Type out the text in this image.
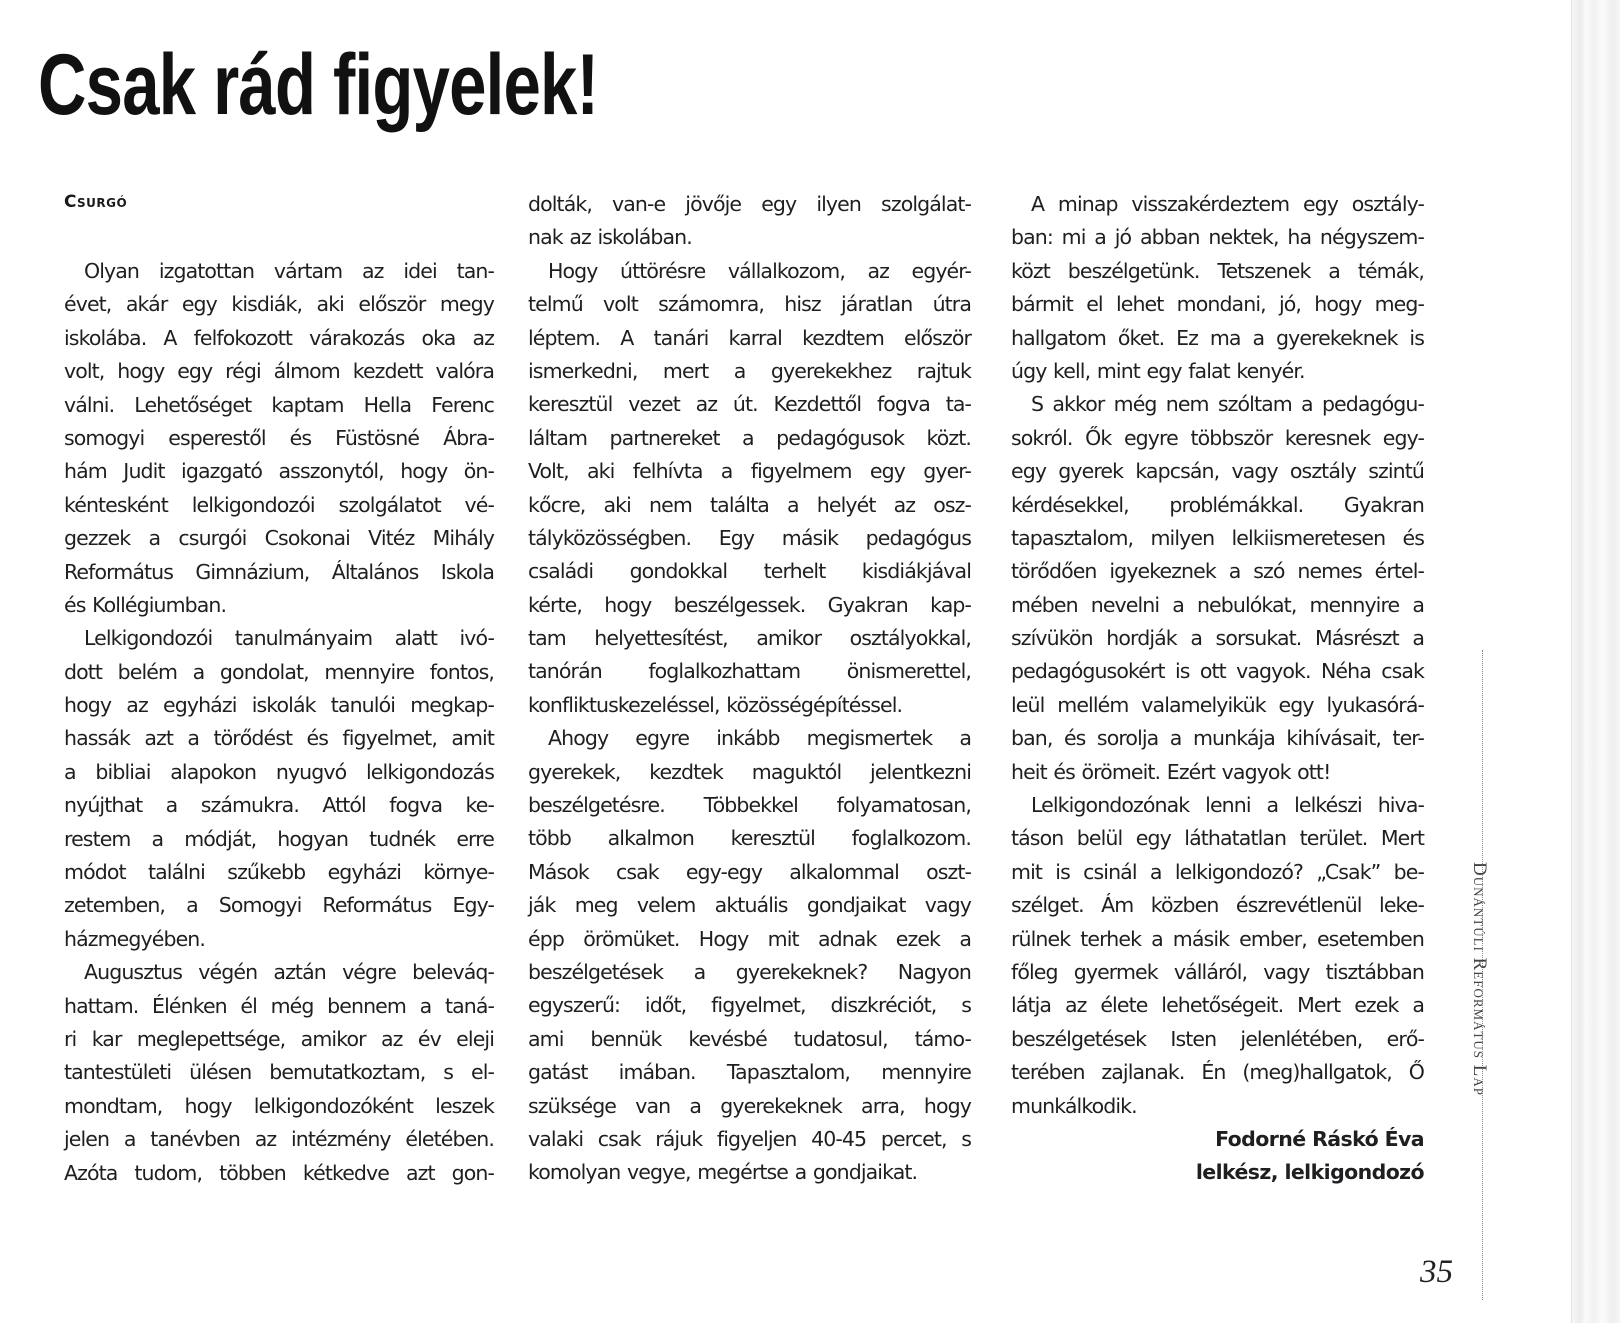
Csak rád figyelek!
Csurgó
Olyan izgatottan vártam az idei tan-
évet, akár egy kisdiák, aki először megy
iskolába. A felfokozott várakozás oka az
volt, hogy egy régi álmom kezdett valóra
válni. Lehetőséget kaptam Hella Ferenc
somogyi esperestől és Füstösné Ábra-
hám Judit igazgató asszonytól, hogy ön-
kéntesként lelkigondozói szolgálatot vé-
gezzek a csurgói Csokonai Vitéz Mihály
Református Gimnázium, Általános Iskola
és Kollégiumban.
Lelkigondozói tanulmányaim alatt ivó-
dott belém a gondolat, mennyire fontos,
hogy az egyházi iskolák tanulói megkap-
hassák azt a törődést és figyelmet, amit
a bibliai alapokon nyugvó lelkigondozás
nyújthat a számukra. Attól fogva ke-
restem a módját, hogyan tudnék erre
módot találni szűkebb egyházi környe-
zetemben, a Somogyi Református Egy-
házmegyében.
Augusztus végén aztán végre beleváq-
hattam. Élénken él még bennem a taná-
ri kar meglepettsége, amikor az év eleji
tantestületi ülésen bemutatkoztam, s el-
mondtam, hogy lelkigondozóként leszek
jelen a tanévben az intézmény életében.
Azóta tudom, többen kétkedve azt gon-
dolták, van-e jövője egy ilyen szolgálat-
nak az iskolában.
Hogy úttörésre vállalkozom, az egyér-
telmű volt számomra, hisz járatlan útra
léptem. A tanári karral kezdtem először
ismerkedni, mert a gyerekekhez rajtuk
keresztül vezet az út. Kezdettől fogva ta-
láltam partnereket a pedagógusok közt.
Volt, aki felhívta a figyelmem egy gyer-
kőcre, aki nem találta a helyét az osz-
tályközösségben. Egy másik pedagógus
családi gondokkal terhelt kisdiákjával
kérte, hogy beszélgessek. Gyakran kap-
tam helyettesítést, amikor osztályokkal,
tanórán foglalkozhattam önismerettel,
konfliktuskezeléssel, közösségépítéssel.
Ahogy egyre inkább megismertek a
gyerekek, kezdtek maguktól jelentkezni
beszélgetésre. Többekkel folyamatosan,
több alkalmon keresztül foglalkozom.
Mások csak egy-egy alkalommal oszt-
ják meg velem aktuális gondjaikat vagy
épp örömüket. Hogy mit adnak ezek a
beszélgetések a gyerekeknek? Nagyon
egyszerű: időt, figyelmet, diszkréciót, s
ami bennük kevésbé tudatosul, támo-
gatást imában. Tapasztalom, mennyire
szüksége van a gyerekeknek arra, hogy
valaki csak rájuk figyeljen 40-45 percet, s
komolyan vegye, megértse a gondjaikat.
A minap visszakérdeztem egy osztály-
ban: mi a jó abban nektek, ha négyszem-
közt beszélgetünk. Tetszenek a témák,
bármit el lehet mondani, jó, hogy meg-
hallgatom őket. Ez ma a gyerekeknek is
úgy kell, mint egy falat kenyér.
S akkor még nem szóltam a pedagógu-
sokról. Ők egyre többször keresnek egy-
egy gyerek kapcsán, vagy osztály szintű
kérdésekkel, problémákkal. Gyakran
tapasztalom, milyen lelkiismeretesen és
törődően igyekeznek a szó nemes értel-
mében nevelni a nebulókat, mennyire a
szívükön hordják a sorsukat. Másrészt a
pedagógusokért is ott vagyok. Néha csak
leül mellém valamelyikük egy lyukasórá-
ban, és sorolja a munkája kihívásait, ter-
heit és örömeit. Ezért vagyok ott!
Lelkigondozónak lenni a lelkészi hiva-
táson belül egy láthatatlan terület. Mert
mit is csinál a lelkigondozó? „Csak” be-
szélget. Ám közben észrevétlenül leke-
rülnek terhek a másik ember, esetemben
főleg gyermek válláról, vagy tisztábban
látja az élete lehetőségeit. Mert ezek a
beszélgetések Isten jelenlétében, erő-
terében zajlanak. Én (meg)hallgatok, Ő
munkálkodik.
Fodorné Ráskó Éva
lelkész, lelkigondozó
Dunántúli Református Lap
35
